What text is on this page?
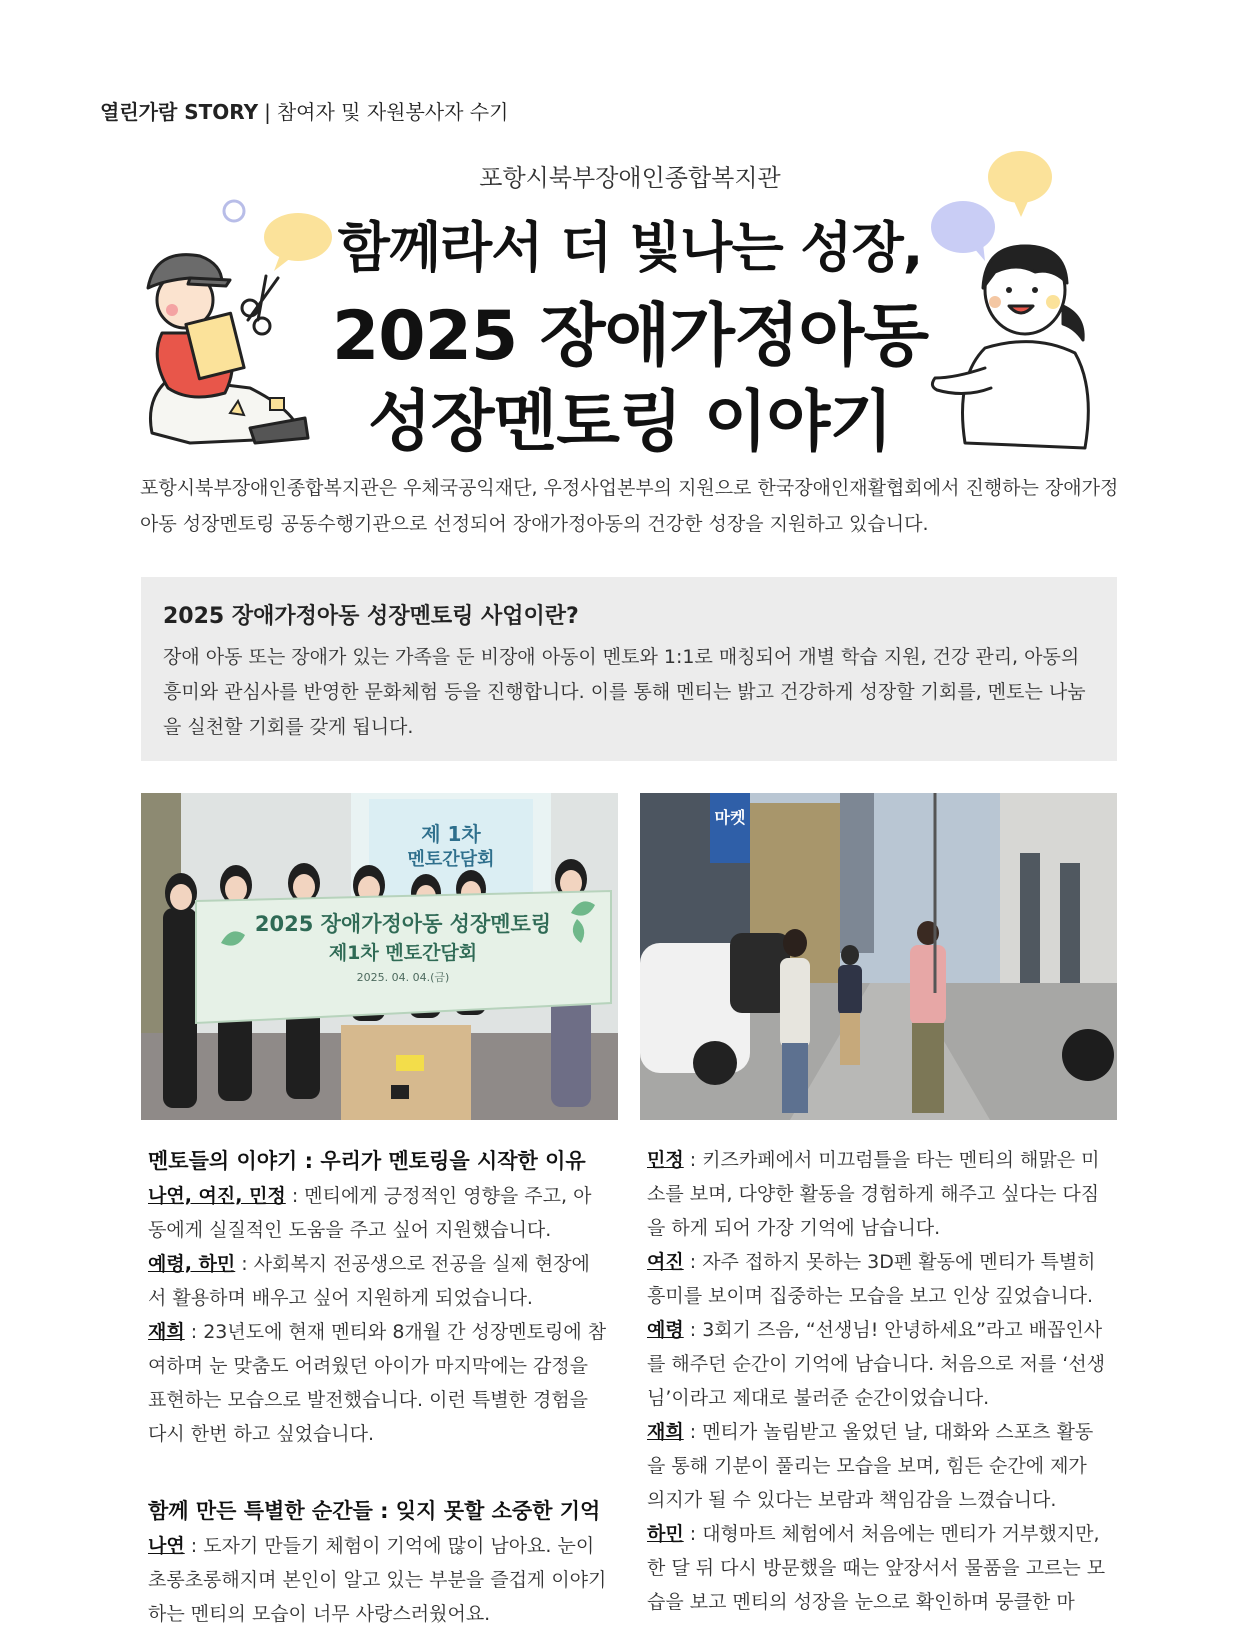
열린가람 STORY | 참여자 및 자원봉사자 수기
포항시북부장애인종합복지관
함께라서 더 빛나는 성장,
2025 장애가정아동
성장멘토링 이야기
포항시북부장애인종합복지관은 우체국공익재단, 우정사업본부의 지원으로 한국장애인재활협회에서 진행하는 장애가정아동 성장멘토링 공동수행기관으로 선정되어 장애가정아동의 건강한 성장을 지원하고 있습니다.
2025 장애가정아동 성장멘토링 사업이란?

장애 아동 또는 장애가 있는 가족을 둔 비장애 아동이 멘토와 1:1로 매칭되어 개별 학습 지원, 건강 관리, 아동의 흥미와 관심사를 반영한 문화체험 등을 진행합니다. 이를 통해 멘티는 밝고 건강하게 성장할 기회를, 멘토는 나눔을 실천할 기회를 갖게 됩니다.

제 1차
멘토간담회
2025 장애가정아동 성장멘토링
제1차 멘토간담회
2025. 04. 04.(금)
마켓
멘토들의 이야기 : 우리가 멘토링을 시작한 이유

나연, 여진, 민정 : 멘티에게 긍정적인 영향을 주고, 아동에게 실질적인 도움을 주고 싶어 지원했습니다.

예령, 하민 : 사회복지 전공생으로 전공을 실제 현장에서 활용하며 배우고 싶어 지원하게 되었습니다.

재희 : 23년도에 현재 멘티와 8개월 간 성장멘토링에 참여하며 눈 맞춤도 어려웠던 아이가 마지막에는 감정을 표현하는 모습으로 발전했습니다. 이런 특별한 경험을 다시 한번 하고 싶었습니다.

함께 만든 특별한 순간들 : 잊지 못할 소중한 기억

나연 : 도자기 만들기 체험이 기억에 많이 남아요. 눈이 초롱초롱해지며 본인이 알고 있는 부분을 즐겁게 이야기하는 멘티의 모습이 너무 사랑스러웠어요.

민정 : 키즈카페에서 미끄럼틀을 타는 멘티의 해맑은 미소를 보며, 다양한 활동을 경험하게 해주고 싶다는 다짐을 하게 되어 가장 기억에 남습니다.

여진 : 자주 접하지 못하는 3D펜 활동에 멘티가 특별히 흥미를 보이며 집중하는 모습을 보고 인상 깊었습니다.

예령 : 3회기 즈음, “선생님! 안녕하세요”라고 배꼽인사를 해주던 순간이 기억에 남습니다. 처음으로 저를 ‘선생님’이라고 제대로 불러준 순간이었습니다.

재희 : 멘티가 놀림받고 울었던 날, 대화와 스포츠 활동을 통해 기분이 풀리는 모습을 보며, 힘든 순간에 제가 의지가 될 수 있다는 보람과 책임감을 느꼈습니다.

하민 : 대형마트 체험에서 처음에는 멘티가 거부했지만, 한 달 뒤 다시 방문했을 때는 앞장서서 물품을 고르는 모습을 보고 멘티의 성장을 눈으로 확인하며 뭉클한 마
